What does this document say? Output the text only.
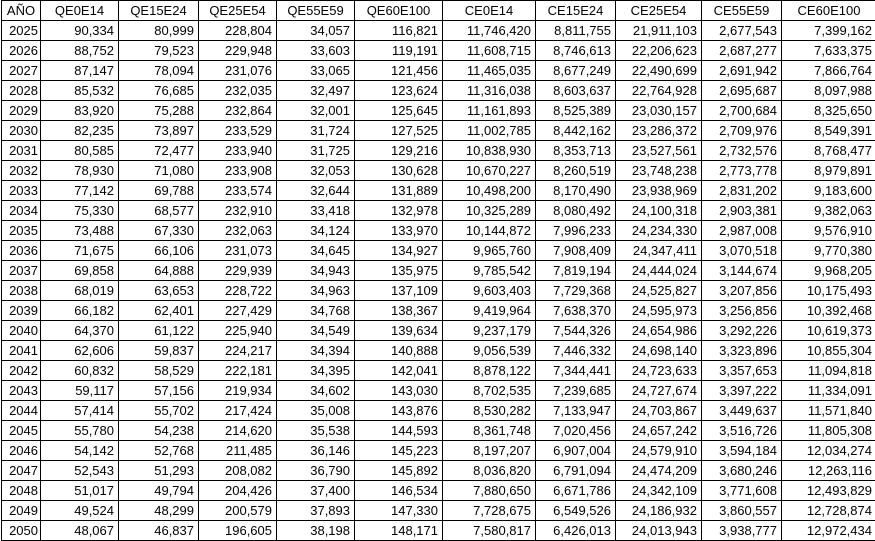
AÑO	QE0E14	QE15E24	QE25E54	QE55E59	QE60E100	CE0E14	CE15E24	CE25E54	CE55E59	CE60E100
2025	90,334	80,999	228,804	34,057	116,821	11,746,420	8,811,755	21,911,103	2,677,543	7,399,162
2026	88,752	79,523	229,948	33,603	119,191	11,608,715	8,746,613	22,206,623	2,687,277	7,633,375
2027	87,147	78,094	231,076	33,065	121,456	11,465,035	8,677,249	22,490,699	2,691,942	7,866,764
2028	85,532	76,685	232,035	32,497	123,624	11,316,038	8,603,637	22,764,928	2,695,687	8,097,988
2029	83,920	75,288	232,864	32,001	125,645	11,161,893	8,525,389	23,030,157	2,700,684	8,325,650
2030	82,235	73,897	233,529	31,724	127,525	11,002,785	8,442,162	23,286,372	2,709,976	8,549,391
2031	80,585	72,477	233,940	31,725	129,216	10,838,930	8,353,713	23,527,561	2,732,576	8,768,477
2032	78,930	71,080	233,908	32,053	130,628	10,670,227	8,260,519	23,748,238	2,773,778	8,979,891
2033	77,142	69,788	233,574	32,644	131,889	10,498,200	8,170,490	23,938,969	2,831,202	9,183,600
2034	75,330	68,577	232,910	33,418	132,978	10,325,289	8,080,492	24,100,318	2,903,381	9,382,063
2035	73,488	67,330	232,063	34,124	133,970	10,144,872	7,996,233	24,234,330	2,987,008	9,576,910
2036	71,675	66,106	231,073	34,645	134,927	9,965,760	7,908,409	24,347,411	3,070,518	9,770,380
2037	69,858	64,888	229,939	34,943	135,975	9,785,542	7,819,194	24,444,024	3,144,674	9,968,205
2038	68,019	63,653	228,722	34,963	137,109	9,603,403	7,729,368	24,525,827	3,207,856	10,175,493
2039	66,182	62,401	227,429	34,768	138,367	9,419,964	7,638,370	24,595,973	3,256,856	10,392,468
2040	64,370	61,122	225,940	34,549	139,634	9,237,179	7,544,326	24,654,986	3,292,226	10,619,373
2041	62,606	59,837	224,217	34,394	140,888	9,056,539	7,446,332	24,698,140	3,323,896	10,855,304
2042	60,832	58,529	222,181	34,395	142,041	8,878,122	7,344,441	24,723,633	3,357,653	11,094,818
2043	59,117	57,156	219,934	34,602	143,030	8,702,535	7,239,685	24,727,674	3,397,222	11,334,091
2044	57,414	55,702	217,424	35,008	143,876	8,530,282	7,133,947	24,703,867	3,449,637	11,571,840
2045	55,780	54,238	214,620	35,538	144,593	8,361,748	7,020,456	24,657,242	3,516,726	11,805,308
2046	54,142	52,768	211,485	36,146	145,223	8,197,207	6,907,004	24,579,910	3,594,184	12,034,274
2047	52,543	51,293	208,082	36,790	145,892	8,036,820	6,791,094	24,474,209	3,680,246	12,263,116
2048	51,017	49,794	204,426	37,400	146,534	7,880,650	6,671,786	24,342,109	3,771,608	12,493,829
2049	49,524	48,299	200,579	37,893	147,330	7,728,675	6,549,526	24,186,932	3,860,557	12,728,874
2050	48,067	46,837	196,605	38,198	148,171	7,580,817	6,426,013	24,013,943	3,938,777	12,972,434
